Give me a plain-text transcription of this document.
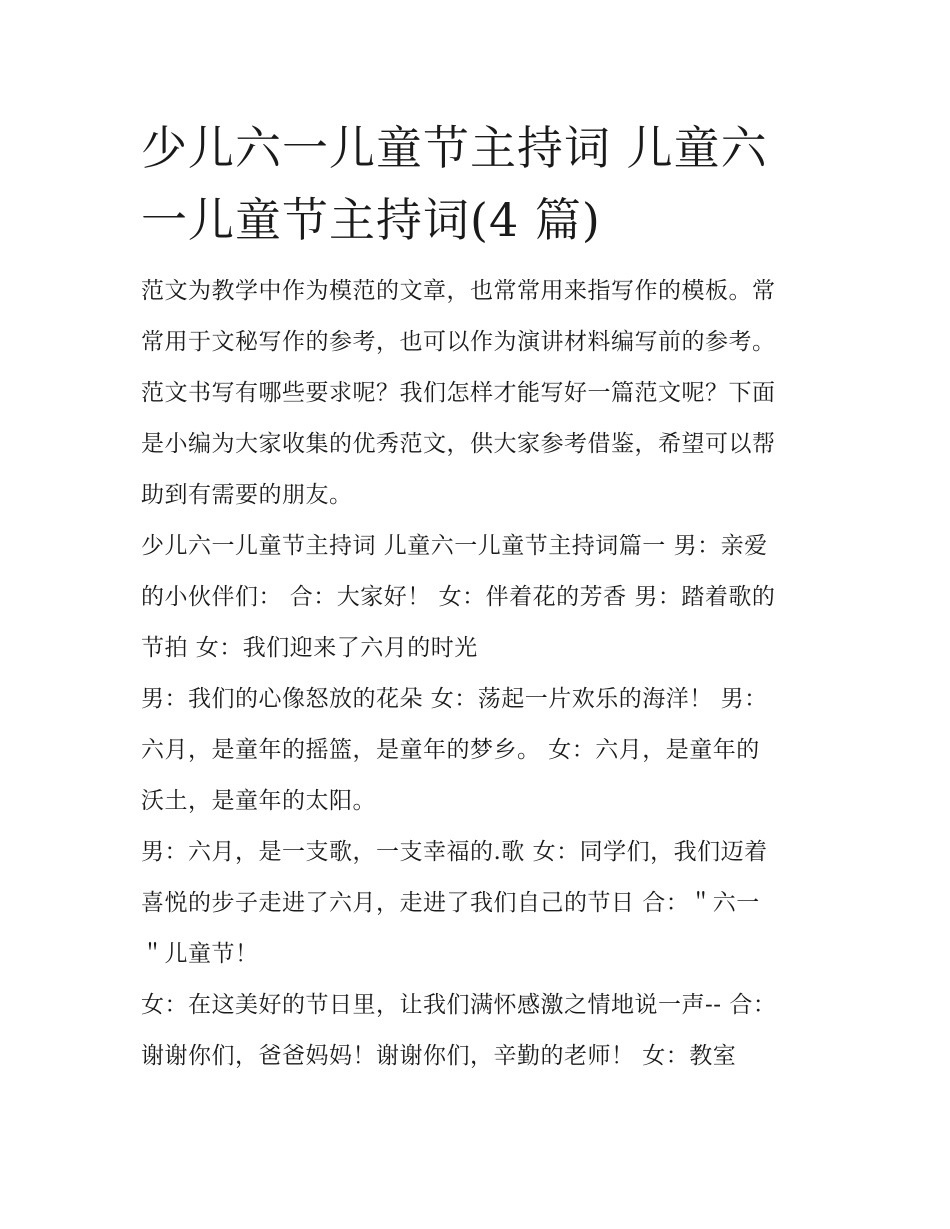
少儿六一儿童节主持词 儿童六
一儿童节主持词(4 篇)

范文为教学中作为模范的文章，也常常用来指写作的模板。常
常用于文秘写作的参考，也可以作为演讲材料编写前的参考。
范文书写有哪些要求呢？我们怎样才能写好一篇范文呢？下面
是小编为大家收集的优秀范文，供大家参考借鉴，希望可以帮
助到有需要的朋友。

少儿六一儿童节主持词 儿童六一儿童节主持词篇一 男：亲爱
的小伙伴们： 合：大家好！ 女：伴着花的芳香 男：踏着歌的
节拍 女：我们迎来了六月的时光

男：我们的心像怒放的花朵 女：荡起一片欢乐的海洋！ 男：
六月，是童年的摇篮，是童年的梦乡。 女：六月，是童年的
沃土，是童年的太阳。

男：六月，是一支歌，一支幸福的.歌 女：同学们，我们迈着
喜悦的步子走进了六月，走进了我们自己的节日 合：＂六一
＂儿童节！

女：在这美好的节日里，让我们满怀感激之情地说一声-- 合：
谢谢你们，爸爸妈妈！谢谢你们，辛勤的老师！ 女：教室
